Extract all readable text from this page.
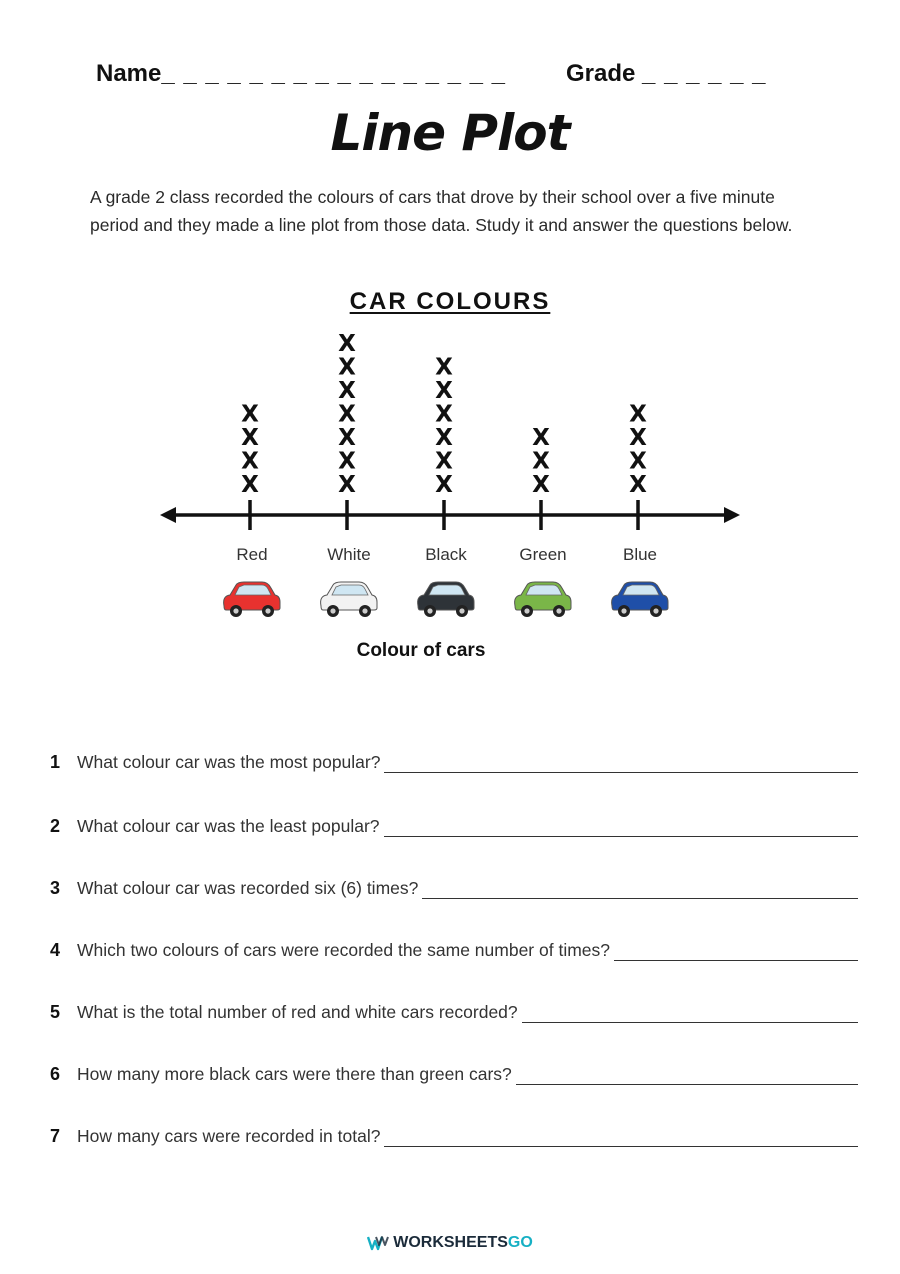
Name_ _ _ _ _ _ _ _ _ _ _ _ _ _ _ _	Grade _ _ _ _ _ _
Line Plot
A grade 2 class recorded the colours of cars that drove by their school over a five minute period and they made a line plot from those data. Study it and answer the questions below.
CAR COLOURS
Red
X
X
X
X
White
X
X
X
X
X
X
X
Black
X
X
X
X
X
X
Green
X
X
X
Blue
X
X
X
X
Colour of cars
1 What colour car was the most popular?
2 What colour car was the least popular?
3 What colour car was recorded six (6) times?
4 Which two colours of cars were recorded the same number of times?
5 What is the total number of red and white cars recorded?
6 How many more black cars were there than green cars?
7 How many cars were recorded in total?
WORKSHEETSGO
